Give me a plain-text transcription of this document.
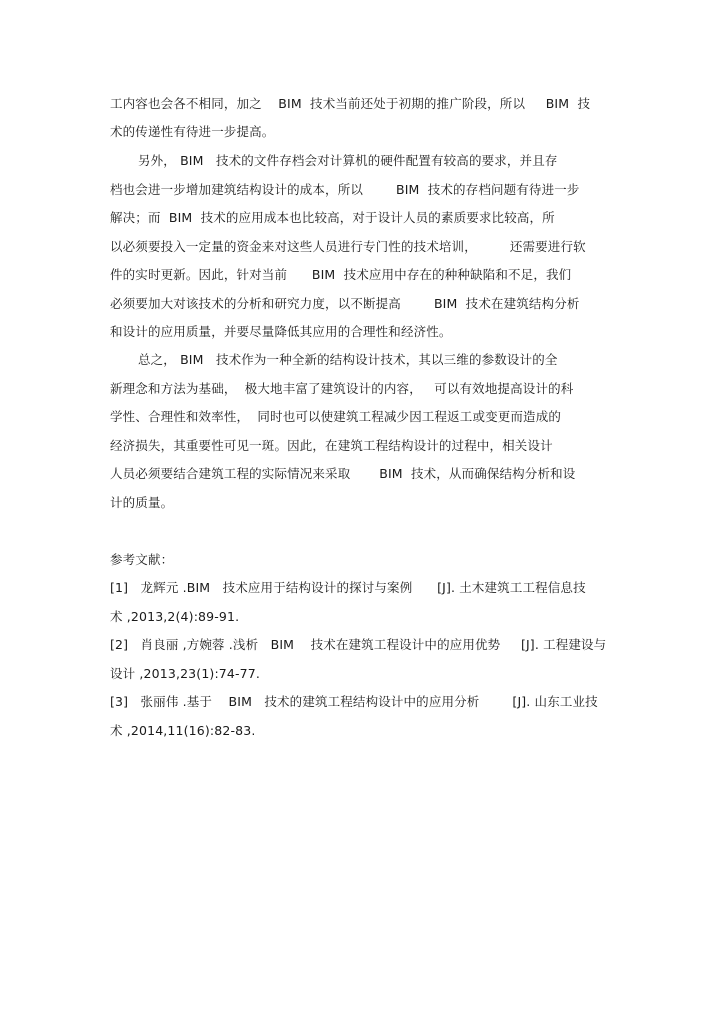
工内容也会各不相同，加之    BIM  技术当前还处于初期的推广阶段，所以     BIM  技
术的传递性有待进一步提高。
另外， BIM   技术的文件存档会对计算机的硬件配置有较高的要求，并且存
档也会进一步增加建筑结构设计的成本，所以        BIM  技术的存档问题有待进一步
解决；而  BIM  技术的应用成本也比较高，对于设计人员的素质要求比较高，所
以必须要投入一定量的资金来对这些人员进行专门性的技术培训，        还需要进行软
件的实时更新。因此，针对当前      BIM  技术应用中存在的种种缺陷和不足，我们
必须要加大对该技术的分析和研究力度，以不断提高        BIM  技术在建筑结构分析
和设计的应用质量，并要尽量降低其应用的合理性和经济性。
总之， BIM   技术作为一种全新的结构设计技术，其以三维的参数设计的全
新理念和方法为基础，  极大地丰富了建筑设计的内容，   可以有效地提高设计的科
学性、合理性和效率性，  同时也可以使建筑工程减少因工程返工或变更而造成的
经济损失，其重要性可见一斑。因此，在建筑工程结构设计的过程中，相关设计
人员必须要结合建筑工程的实际情况来采取       BIM  技术，从而确保结构分析和设
计的质量。
参考文献：
[1]   龙辉元 .BIM   技术应用于结构设计的探讨与案例      [J]. 土木建筑工工程信息技
术 ,2013,2(4):89-91.
[2]   肖良丽 ,方婉蓉 .浅析   BIM    技术在建筑工程设计中的应用优势     [J]. 工程建设与
设计 ,2013,23(1):74-77.
[3]   张丽伟 .基于    BIM   技术的建筑工程结构设计中的应用分析        [J]. 山东工业技
术 ,2014,11(16):82-83.
